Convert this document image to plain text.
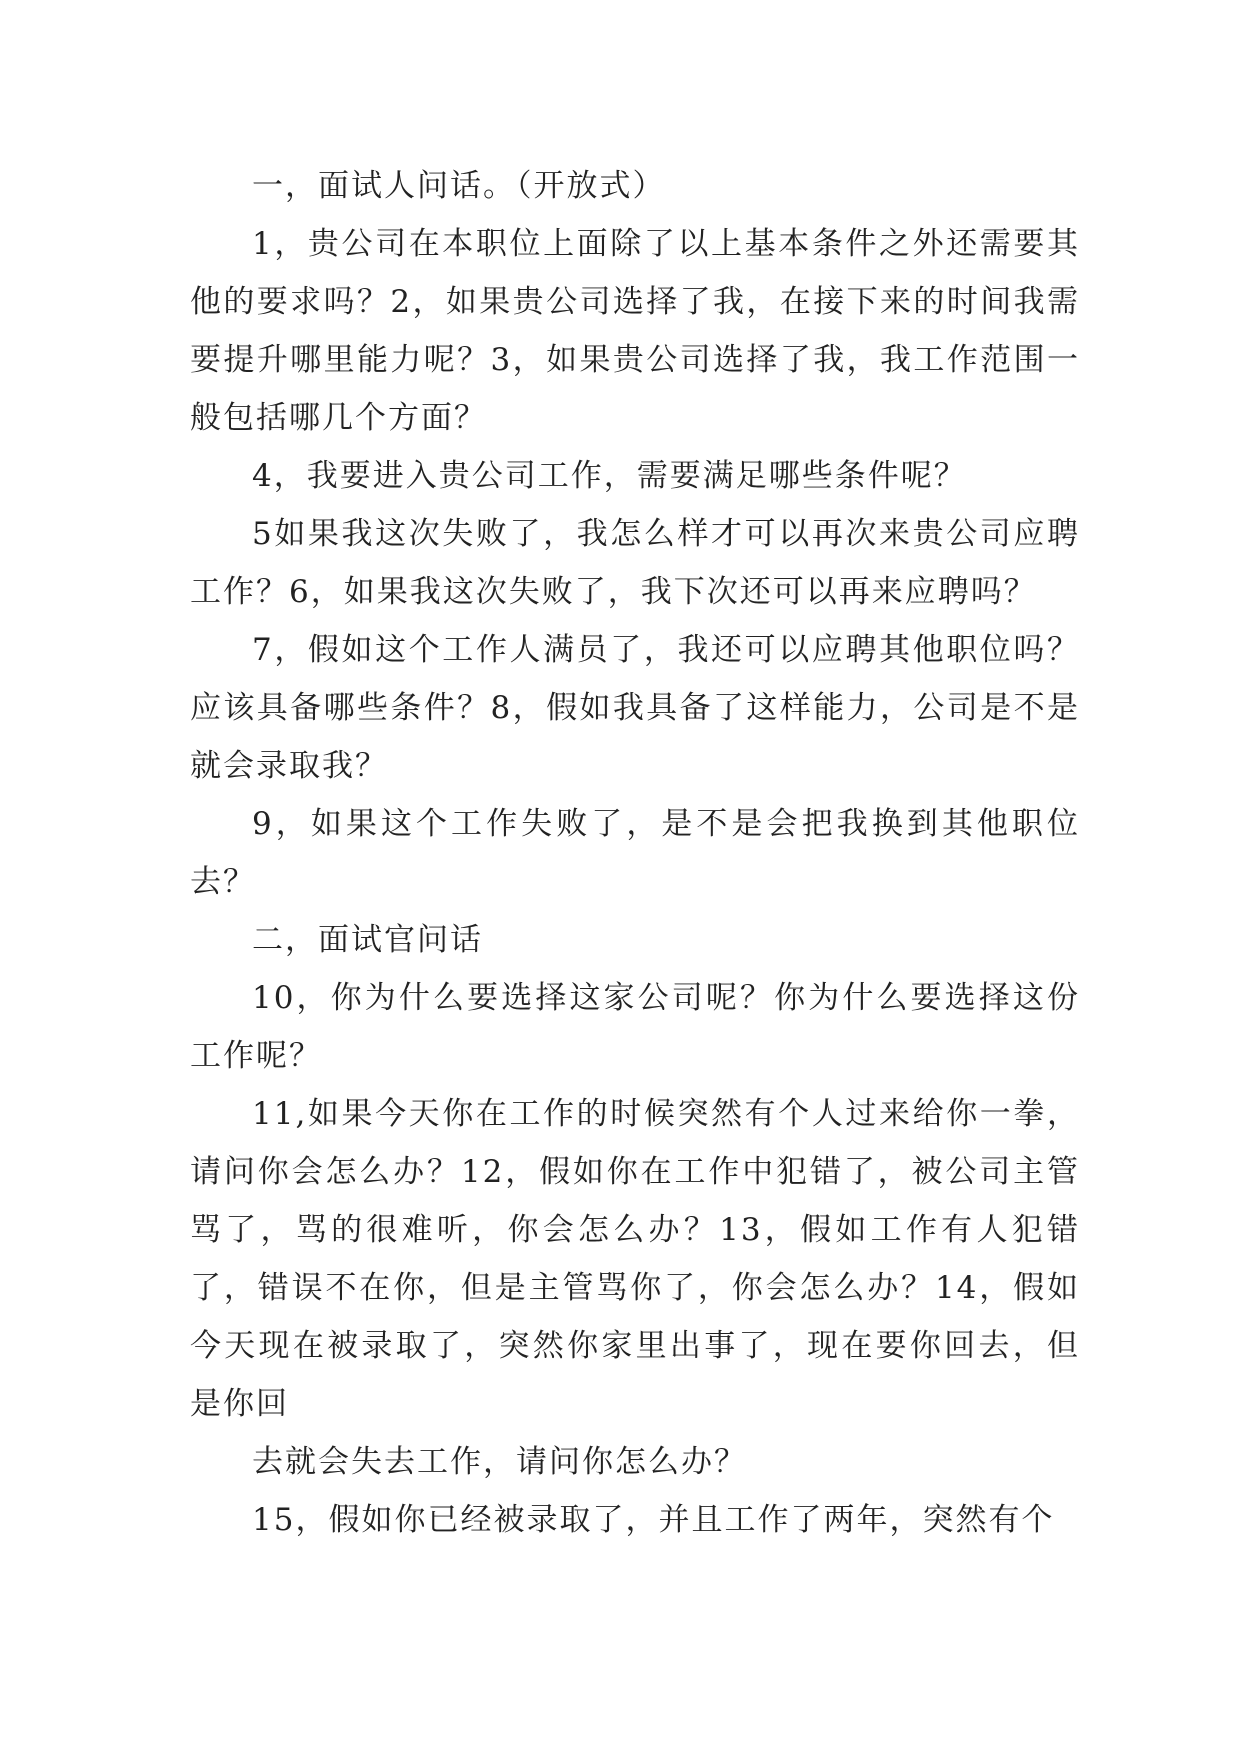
一，面试人问话。（开放式）

1，贵公司在本职位上面除了以上基本条件之外还需要其他的要求吗？2，如果贵公司选择了我，在接下来的时间我需要提升哪里能力呢？3，如果贵公司选择了我，我工作范围一般包括哪几个方面？

4，我要进入贵公司工作，需要满足哪些条件呢？

5如果我这次失败了，我怎么样才可以再次来贵公司应聘工作？6，如果我这次失败了，我下次还可以再来应聘吗？

7，假如这个工作人满员了，我还可以应聘其他职位吗？应该具备哪些条件？8，假如我具备了这样能力，公司是不是就会录取我？

9，如果这个工作失败了，是不是会把我换到其他职位去？

二，面试官问话

10，你为什么要选择这家公司呢？你为什么要选择这份工作呢？

11,如果今天你在工作的时候突然有个人过来给你一拳，请问你会怎么办？12，假如你在工作中犯错了，被公司主管骂了，骂的很难听，你会怎么办？13，假如工作有人犯错了，错误不在你，但是主管骂你了，你会怎么办？14，假如今天现在被录取了，突然你家里出事了，现在要你回去，但是你回

去就会失去工作，请问你怎么办？

15，假如你已经被录取了，并且工作了两年，突然有个
